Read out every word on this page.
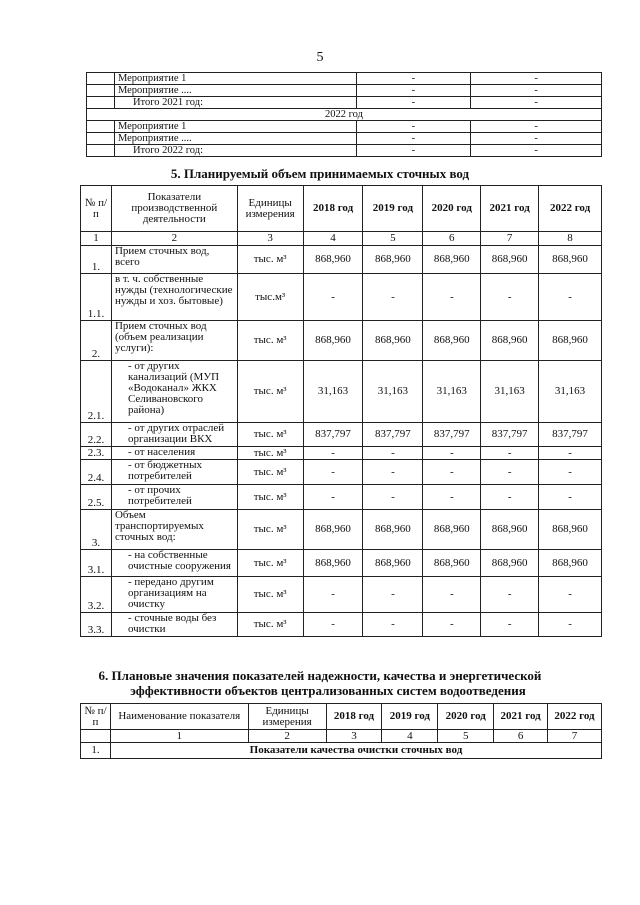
5
	Мероприятие 1	-	-
	Мероприятие ....	-	-
	Итого 2021 год:	-	-
2022 год			
	Мероприятие 1	-	-
	Мероприятие ....	-	-
	Итого 2022 год:	-	-
5. Планируемый объем принимаемых сточных вод
№ п/п	Показатели производственной деятельности	Единицы измерения	2018 год	2019 год	2020 год	2021 год	2022 год
1	2	3	4	5	6	7	8
1.	Прием сточных вод, всего	тыс. м³	868,960	868,960	868,960	868,960	868,960
1.1.	в т. ч. собственные нужды (технологические нужды и хоз. бытовые)	тыс.м³	-	-	-	-	-
2.	Прием сточных вод (объем реализации услуги):	тыс. м³	868,960	868,960	868,960	868,960	868,960
2.1.	- от других канализаций (МУП «Водоканал» ЖКХ Селивановского района)	тыс. м³	31,163	31,163	31,163	31,163	31,163
2.2.	- от других отраслей организации ВКХ	тыс. м³	837,797	837,797	837,797	837,797	837,797
2.3.	- от населения	тыс. м³	-	-	-	-	-
2.4.	- от бюджетных потребителей	тыс. м³	-	-	-	-	-
2.5.	- от прочих потребителей	тыс. м³	-	-	-	-	-
3.	Объем транспортируемых сточных вод:	тыс. м³	868,960	868,960	868,960	868,960	868,960
3.1.	- на собственные очистные сооружения	тыс. м³	868,960	868,960	868,960	868,960	868,960
3.2.	- передано другим организациям на очистку	тыс. м³	-	-	-	-	-
3.3.	- сточные воды без очистки	тыс. м³	-	-	-	-	-
6. Плановые значения показателей надежности, качества и энергетической
эффективности объектов централизованных систем водоотведения
№ п/п	Наименование показателя	Единицы измерения	2018 год	2019 год	2020 год	2021 год	2022 год
	1	2	3	4	5	6	7
1.	Показатели качества очистки сточных вод						
